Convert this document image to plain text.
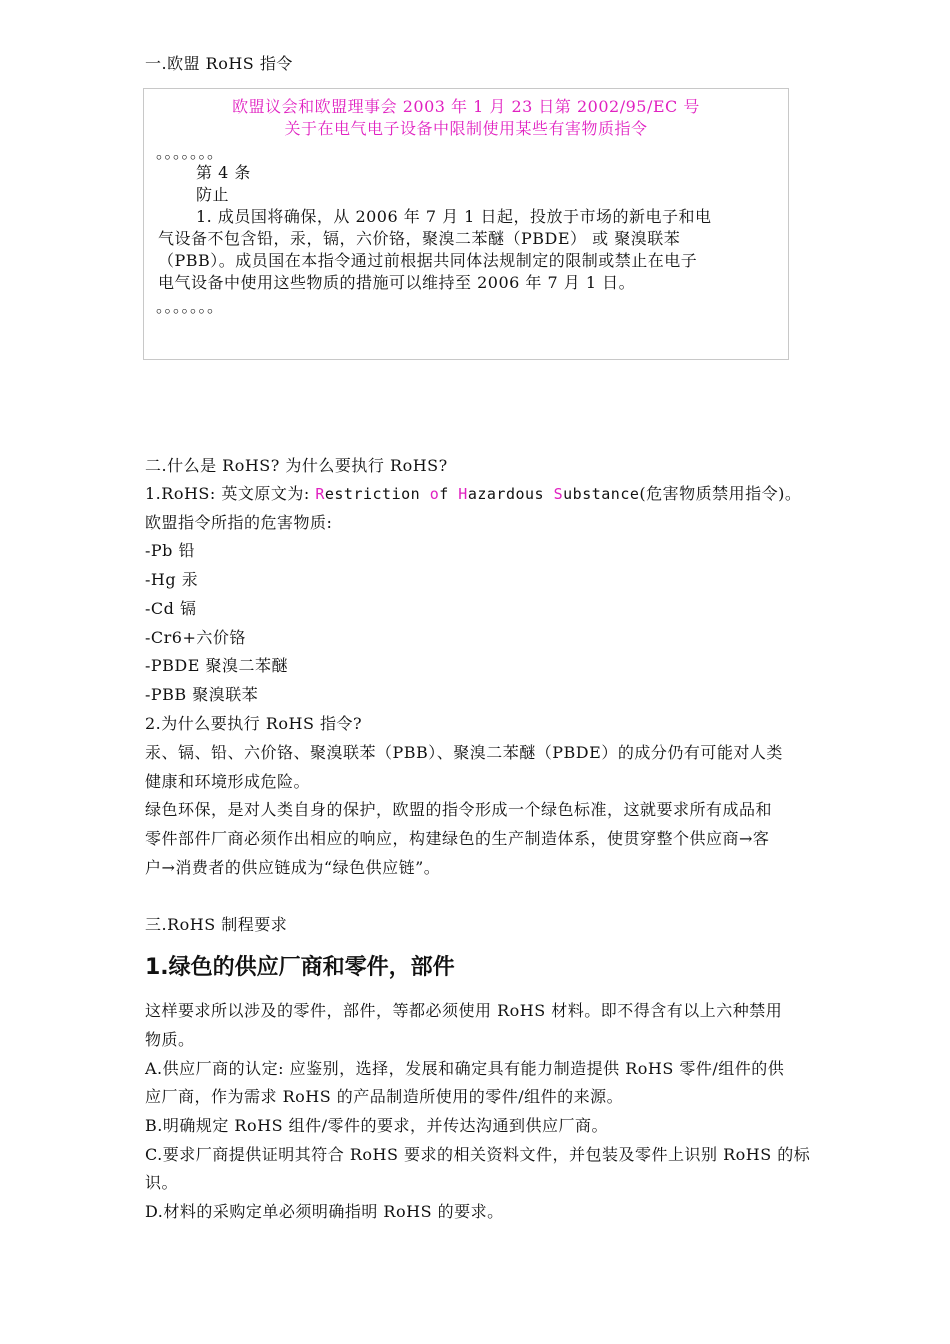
一.欧盟 RoHS 指令
欧盟议会和欧盟理事会 2003 年 1 月 23 日第 2002/95/EC 号
关于在电气电子设备中限制使用某些有害物质指令
。。。。。。。
第 4 条
防止
1. 成员国将确保，从 2006 年 7 月 1 日起，投放于市场的新电子和电
气设备不包含铅，汞，镉，六价铬，聚溴二苯醚（PBDE） 或 聚溴联苯
（PBB）。成员国在本指令通过前根据共同体法规制定的限制或禁止在电子
电气设备中使用这些物质的措施可以维持至 2006 年 7 月 1 日。
。。。。。。。
二.什么是 RoHS? 为什么要执行 RoHS?
1.RoHS: 英文原文为: Restriction of Hazardous Substance(危害物质禁用指令)。
欧盟指令所指的危害物质:
-Pb 铅
-Hg 汞
-Cd 镉
-Cr6+六价铬
-PBDE 聚溴二苯醚
-PBB 聚溴联苯
2.为什么要执行 RoHS 指令?
汞、镉、铅、六价铬、聚溴联苯（PBB）、聚溴二苯醚（PBDE）的成分仍有可能对人类
健康和环境形成危险。
绿色环保，是对人类自身的保护，欧盟的指令形成一个绿色标准，这就要求所有成品和
零件部件厂商必须作出相应的响应，构建绿色的生产制造体系，使贯穿整个供应商→客
户→消费者的供应链成为“绿色供应链”。
三.RoHS 制程要求
1.绿色的供应厂商和零件，部件
这样要求所以涉及的零件，部件，等都必须使用 RoHS 材料。即不得含有以上六种禁用
物质。
A.供应厂商的认定: 应鉴别，选择，发展和确定具有能力制造提供 RoHS 零件/组件的供
应厂商，作为需求 RoHS 的产品制造所使用的零件/组件的来源。
B.明确规定 RoHS 组件/零件的要求，并传达沟通到供应厂商。
C.要求厂商提供证明其符合 RoHS 要求的相关资料文件，并包装及零件上识别 RoHS 的标
识。
D.材料的采购定单必须明确指明 RoHS 的要求。
